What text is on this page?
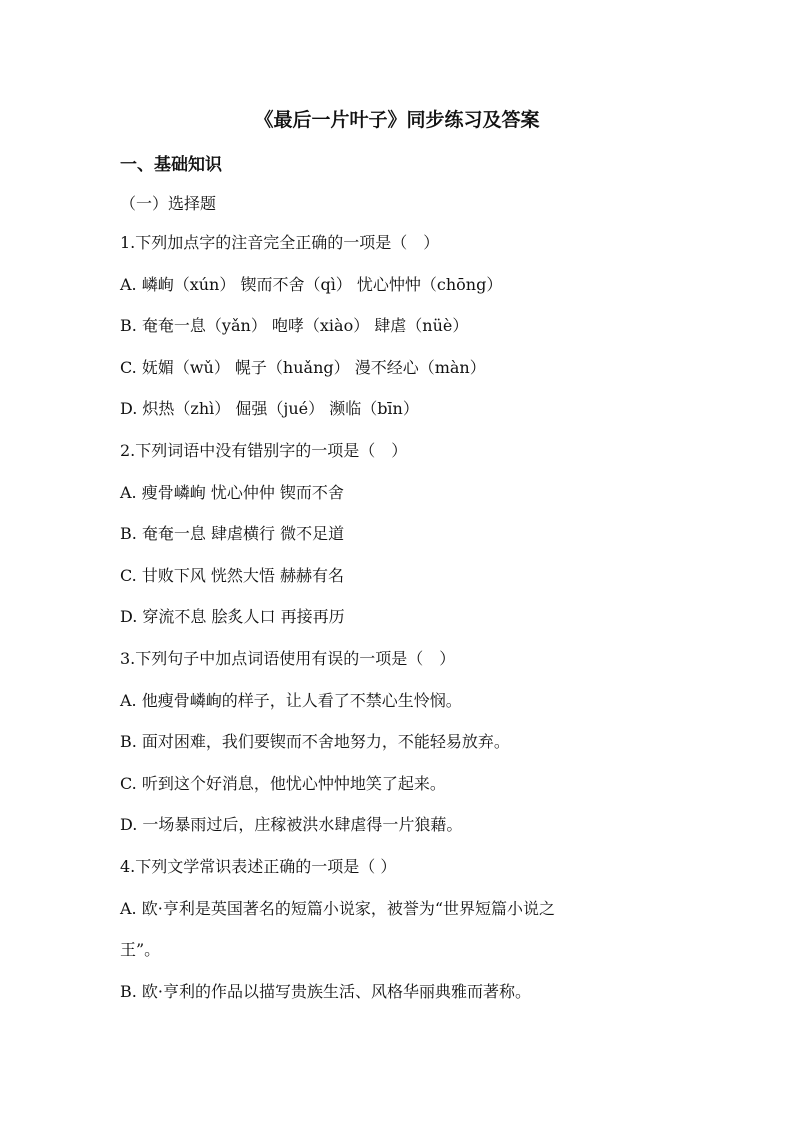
《最后一片叶子》同步练习及答案
一、基础知识
（一）选择题
1.下列加点字的注音完全正确的一项是（　）
A. 嶙峋（xún） 锲而不舍（qì） 忧心忡忡（chōng）
B. 奄奄一息（yǎn） 咆哮（xiào） 肆虐（nüè）
C. 妩媚（wǔ） 幌子（huǎng） 漫不经心（màn）
D. 炽热（zhì） 倔强（jué） 濒临（bīn）
2.下列词语中没有错别字的一项是（　）
A. 瘦骨嶙峋 忧心仲仲 锲而不舍
B. 奄奄一息 肆虐横行 微不足道
C. 甘败下风 恍然大悟 赫赫有名
D. 穿流不息 脍炙人口 再接再历
3.下列句子中加点词语使用有误的一项是（　）
A. 他瘦骨嶙峋的样子，让人看了不禁心生怜悯。
B. 面对困难，我们要锲而不舍地努力，不能轻易放弃。
C. 听到这个好消息，他忧心忡忡地笑了起来。
D. 一场暴雨过后，庄稼被洪水肆虐得一片狼藉。
4.下列文学常识表述正确的一项是（ ）
A. 欧·亨利是英国著名的短篇小说家，被誉为“世界短篇小说之
王”。
B. 欧·亨利的作品以描写贵族生活、风格华丽典雅而著称。
